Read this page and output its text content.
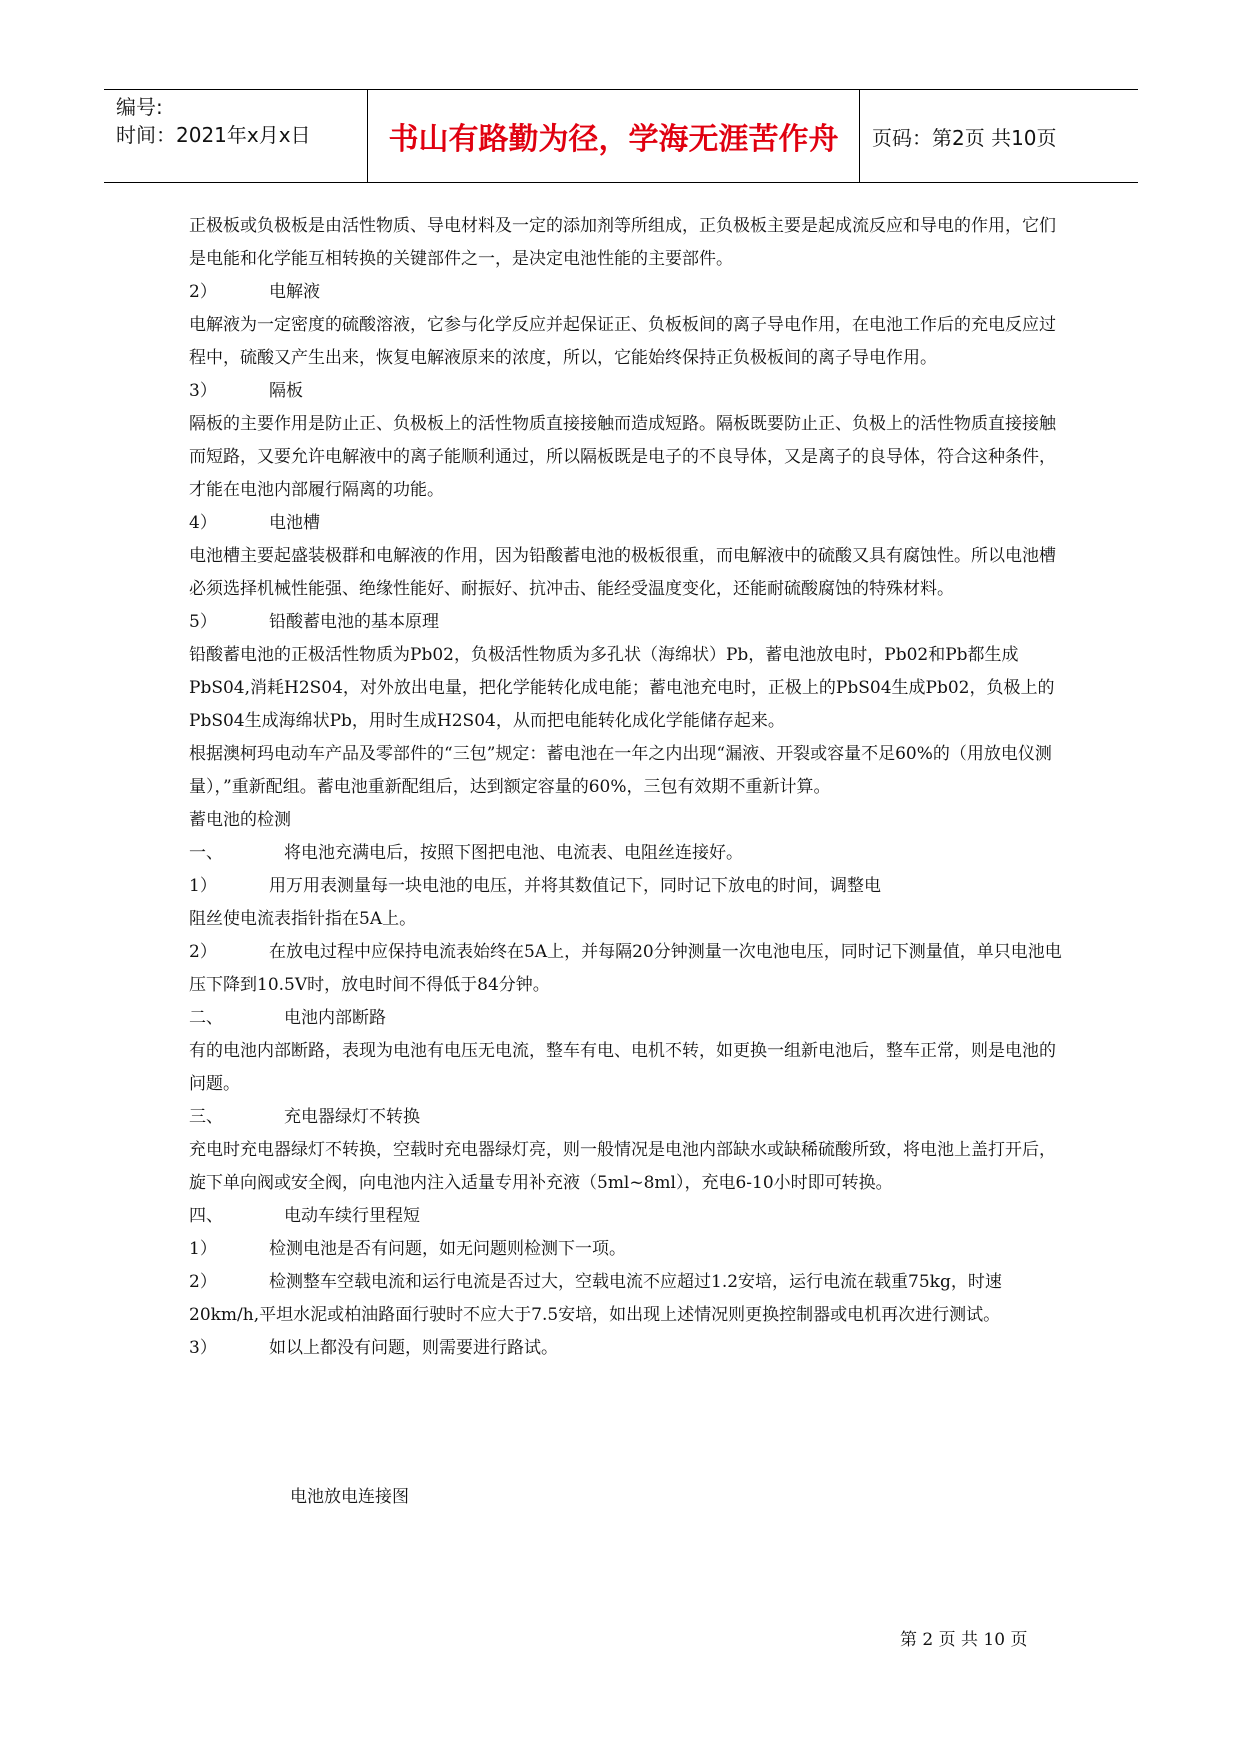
编号:
时间：2021年x月x日	书山有路勤为径，学海无涯苦作舟	页码：第2页 共10页

正极板或负极板是由活性物质、导电材料及一定的添加剂等所组成，正负极板主要是起成流反应和导电的作用，它们是电能和化学能互相转换的关键部件之一，是决定电池性能的主要部件。

2）	电解液

电解液为一定密度的硫酸溶液，它参与化学反应并起保证正、负板板间的离子导电作用，在电池工作后的充电反应过程中，硫酸又产生出来，恢复电解液原来的浓度，所以，它能始终保持正负极板间的离子导电作用。

3）	隔板

隔板的主要作用是防止正、负极板上的活性物质直接接触而造成短路。隔板既要防止正、负极上的活性物质直接接触而短路，又要允许电解液中的离子能顺利通过，所以隔板既是电子的不良导体，又是离子的良导体，符合这种条件，才能在电池内部履行隔离的功能。

4）	电池槽

电池槽主要起盛装极群和电解液的作用，因为铅酸蓄电池的极板很重，而电解液中的硫酸又具有腐蚀性。所以电池槽必须选择机械性能强、绝缘性能好、耐振好、抗冲击、能经受温度变化，还能耐硫酸腐蚀的特殊材料。

5）	铅酸蓄电池的基本原理

铅酸蓄电池的正极活性物质为Pb02，负极活性物质为多孔状（海绵状）Pb，蓄电池放电时，Pb02和Pb都生成PbS04,消耗H2S04，对外放出电量，把化学能转化成电能；蓄电池充电时，正极上的PbS04生成Pb02，负极上的PbS04生成海绵状Pb，用时生成H2S04，从而把电能转化成化学能储存起来。

根据澳柯玛电动车产品及零部件的“三包”规定：蓄电池在一年之内出现“漏液、开裂或容量不足60%的（用放电仪测量），”重新配组。蓄电池重新配组后，达到额定容量的60%，三包有效期不重新计算。

蓄电池的检测

一、	将电池充满电后，按照下图把电池、电流表、电阻丝连接好。

1）	用万用表测量每一块电池的电压，并将其数值记下，同时记下放电的时间，调整电

阻丝使电流表指针指在5A上。

2）	在放电过程中应保持电流表始终在5A上，并每隔20分钟测量一次电池电压，同时记下测量值，单只电池电压下降到10.5V时，放电时间不得低于84分钟。

二、	电池内部断路

有的电池内部断路，表现为电池有电压无电流，整车有电、电机不转，如更换一组新电池后，整车正常，则是电池的问题。

三、	充电器绿灯不转换

充电时充电器绿灯不转换，空载时充电器绿灯亮，则一般情况是电池内部缺水或缺稀硫酸所致，将电池上盖打开后，旋下单向阀或安全阀，向电池内注入适量专用补充液（5ml~8ml），充电6-10小时即可转换。

四、	电动车续行里程短

1）	检测电池是否有问题，如无问题则检测下一项。

2）	检测整车空载电流和运行电流是否过大，空载电流不应超过1.2安培，运行电流在载重75kg，时速20km/h,平坦水泥或柏油路面行驶时不应大于7.5安培，如出现上述情况则更换控制器或电机再次进行测试。

3）	如以上都没有问题，则需要进行路试。

电池放电连接图
第 2 页 共 10 页
